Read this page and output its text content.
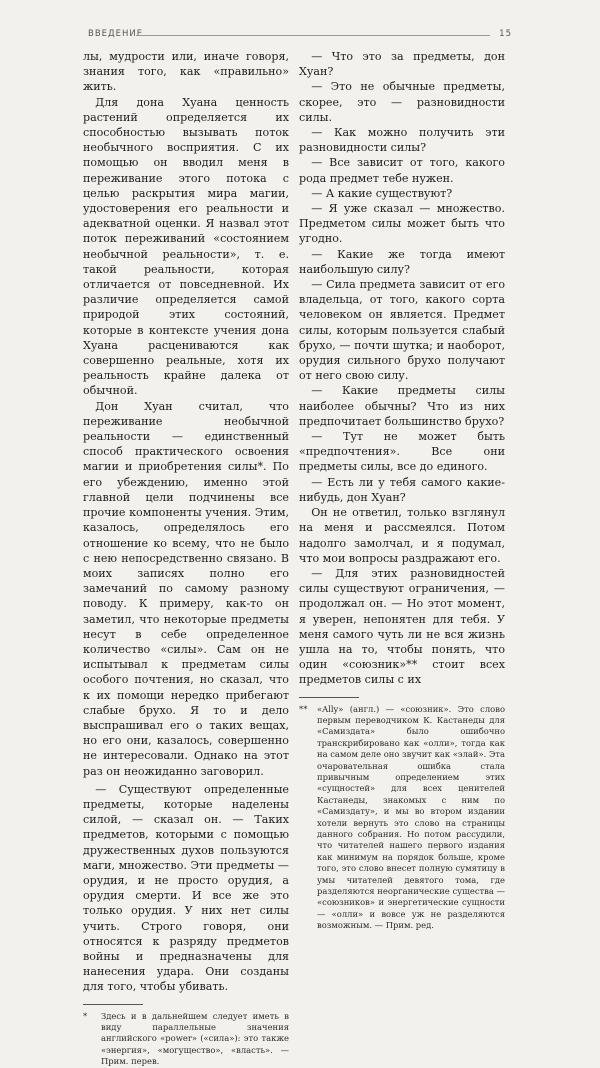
ВВЕДЕНИЕ	15

лы, мудрости или, иначе говоря, знания того, как «правильно» жить.

Для дона Хуана ценность растений определяется их способностью вызывать поток необычного восприятия. С их помощью он вводил меня в переживание этого потока с целью раскрытия мира магии, удостоверения его реальности и адекватной оценки. Я назвал этот поток переживаний «состоянием необычной реальности», т. е. такой реальности, которая отличается от повседневной. Их различие определяется самой природой этих состояний, которые в контексте учения дона Хуана расцениваются как совершенно реальные, хотя их реальность крайне далека от обычной.

Дон Хуан считал, что переживание необычной реальности — единственный способ практического освоения магии и приобретения силы*. По его убеждению, именно этой главной цели подчинены все прочие компоненты учения. Этим, казалось, определялось его отношение ко всему, что не было с нею непосредственно связано. В моих записях полно его замечаний по самому разному поводу. К примеру, как-то он заметил, что некоторые предметы несут в себе определенное количество «силы». Сам он не испытывал к предметам силы особого почтения, но сказал, что к их помощи нередко прибегают слабые брухо. Я то и дело выспрашивал его о таких вещах, но его они, казалось, совершенно не интересовали. Однако на этот раз он неожиданно заговорил.

— Существуют определенные предметы, которые наделены силой, — сказал он. — Таких предметов, которыми с помощью дружественных духов пользуются маги, множество. Эти предметы — орудия, и не просто орудия, а орудия смерти. И все же это только орудия. У них нет силы учить. Строго говоря, они относятся к разряду предметов войны и предназначены для нанесения удара. Они созданы для того, чтобы убивать.

* Здесь и в дальнейшем следует иметь в виду параллельные значения английского «power» («сила»): это также «энергия», «могущество», «власть». — Прим. перев.

— Что это за предметы, дон Хуан?

— Это не обычные предметы, скорее, это — разновидности силы.

— Как можно получить эти разновидности силы?

— Все зависит от того, какого рода предмет тебе нужен.

— А какие существуют?

— Я уже сказал — множество. Предметом силы может быть что угодно.

— Какие же тогда имеют наибольшую силу?

— Сила предмета зависит от его владельца, от того, какого сорта человеком он является. Предмет силы, которым пользуется слабый брухо, — почти шутка; и наоборот, орудия сильного брухо получают от него свою силу.

— Какие предметы силы наиболее обычны? Что из них предпочитает большинство брухо?

— Тут не может быть «предпочтения». Все они предметы силы, все до единого.

— Есть ли у тебя самого какие-нибудь, дон Хуан?

Он не ответил, только взглянул на меня и рассмеялся. Потом надолго замолчал, и я подумал, что мои вопросы раздражают его.

— Для этих разновидностей силы существуют ограничения, — продолжал он. — Но этот момент, я уверен, непонятен для тебя. У меня самого чуть ли не вся жизнь ушла на то, чтобы понять, что один «союзник»** стоит всех предметов силы с их

** «Ally» (англ.) — «союзник». Это слово первым переводчиком К. Кастанеды для «Самиздата» было ошибочно транскрибировано как «олли», тогда как на самом деле оно звучит как «элай». Эта очаровательная ошибка стала привычным определением этих «сущностей» для всех ценителей Кастанеды, знакомых с ним по «Самиздату», и мы во втором издании хотели вернуть это слово на страницы данного собрания. Но потом рассудили, что читателей нашего первого издания как минимум на порядок больше, кроме того, это слово внесет полную сумятицу в умы читателей девятого тома, где разделяются неорганические существа — «союзников» и энергетические сущности — «олли» и вовсе уж не разделяются возможным. — Прим. ред.
